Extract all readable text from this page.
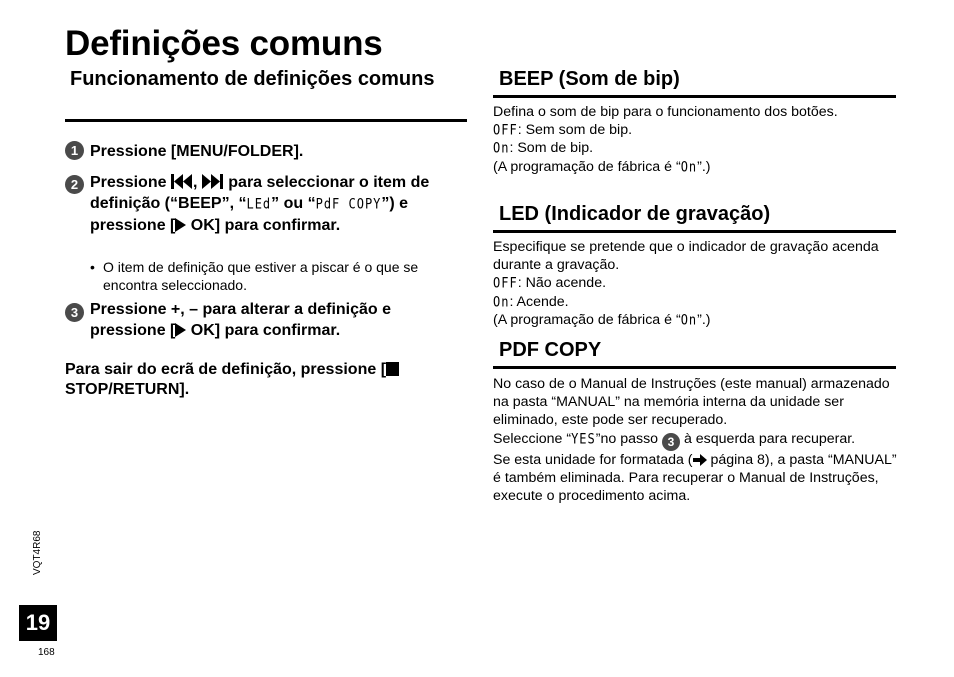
Definições comuns
Funcionamento de definições comuns
1 Pressione [MENU/FOLDER].
2 Pressione ,  para seleccionar o item de definição (“BEEP”, “LEd” ou “PdF COPY”) e pressione [ OK] para confirmar.
• O item de definição que estiver a piscar é o que se encontra seleccionado.
3 Pressione +, – para alterar a definição e pressione [ OK] para confirmar.
Para sair do ecrã de definição, pressione [ STOP/RETURN].
BEEP (Som de bip)
Defina o som de bip para o funcionamento dos botões.
OFF: Sem som de bip.
On: Som de bip.
(A programação de fábrica é “On”.)
LED (Indicador de gravação)
Especifique se pretende que o indicador de gravação acenda durante a gravação.
OFF: Não acende.
On: Acende.
(A programação de fábrica é “On”.)
PDF COPY
No caso de o Manual de Instruções (este manual) armazenado na pasta “MANUAL” na memória interna da unidade ser eliminado, este pode ser recuperado.
Seleccione “YES”no passo 3 à esquerda para recuperar.
Se esta unidade for formatada ( página 8), a pasta “MANUAL” é também eliminada. Para recuperar o Manual de Instruções, execute o procedimento acima.
VQT4R68
19
168
